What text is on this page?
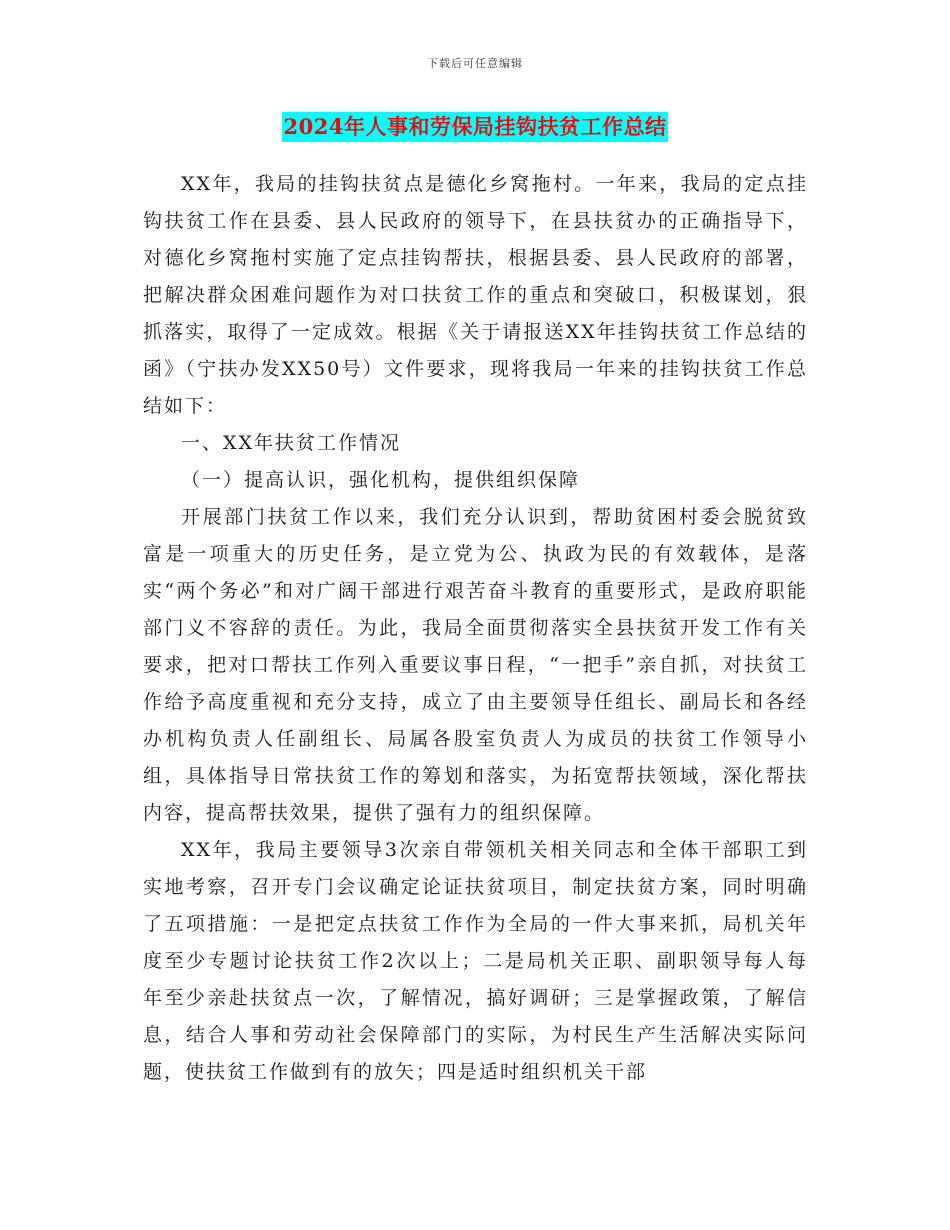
下载后可任意编辑
2024年人事和劳保局挂钩扶贫工作总结

XX年，我局的挂钩扶贫点是德化乡窝拖村。一年来，我局的定点挂钩扶贫工作在县委、县人民政府的领导下，在县扶贫办的正确指导下，对德化乡窝拖村实施了定点挂钩帮扶，根据县委、县人民政府的部署，把解决群众困难问题作为对口扶贫工作的重点和突破口，积极谋划，狠抓落实，取得了一定成效。根据《关于请报送XX年挂钩扶贫工作总结的函》（宁扶办发XX50号）文件要求，现将我局一年来的挂钩扶贫工作总结如下：

一、XX年扶贫工作情况

（一）提高认识，强化机构，提供组织保障

开展部门扶贫工作以来，我们充分认识到，帮助贫困村委会脱贫致富是一项重大的历史任务，是立党为公、执政为民的有效载体，是落实“两个务必”和对广阔干部进行艰苦奋斗教育的重要形式，是政府职能部门义不容辞的责任。为此，我局全面贯彻落实全县扶贫开发工作有关要求，把对口帮扶工作列入重要议事日程，“一把手”亲自抓，对扶贫工作给予高度重视和充分支持，成立了由主要领导任组长、副局长和各经办机构负责人任副组长、局属各股室负责人为成员的扶贫工作领导小组，具体指导日常扶贫工作的筹划和落实，为拓宽帮扶领域，深化帮扶内容，提高帮扶效果，提供了强有力的组织保障。

XX年，我局主要领导3次亲自带领机关相关同志和全体干部职工到实地考察，召开专门会议确定论证扶贫项目，制定扶贫方案，同时明确了五项措施：一是把定点扶贫工作作为全局的一件大事来抓，局机关年度至少专题讨论扶贫工作2次以上；二是局机关正职、副职领导每人每年至少亲赴扶贫点一次，了解情况，搞好调研；三是掌握政策，了解信息，结合人事和劳动社会保障部门的实际，为村民生产生活解决实际问题，使扶贫工作做到有的放矢；四是适时组织机关干部
